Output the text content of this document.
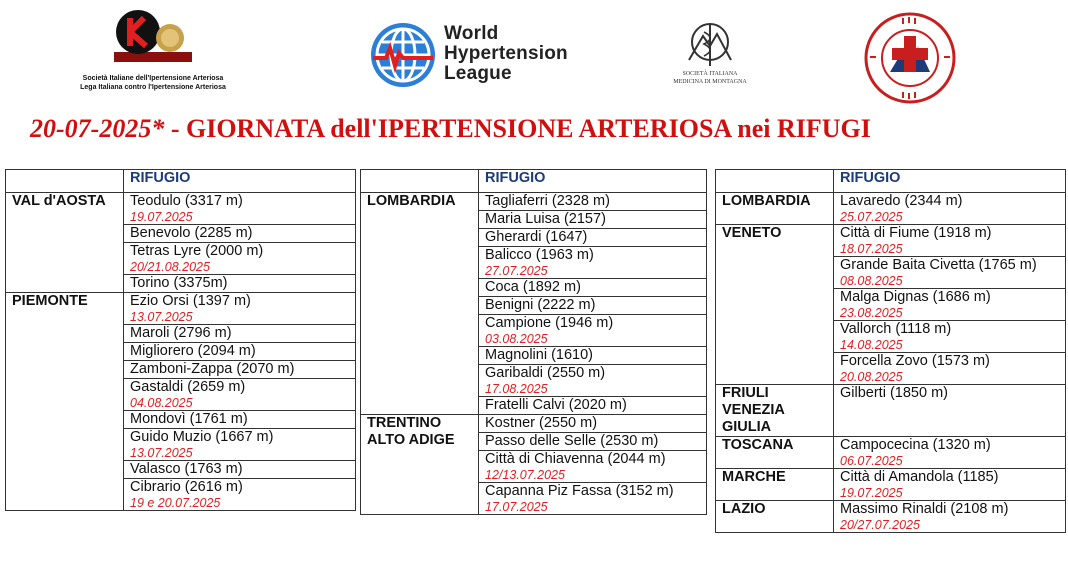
Società Italiane dell'Ipertensione Arteriosa
Lega Italiana contro l'Ipertensione Arteriosa
World
Hypertension
League	SOCIETÀ ITALIANA
MEDICINA DI MONTAGNA
20-07-2025* - GIORNATA dell'IPERTENSIONE ARTERIOSA nei RIFUGI
	RIFUGIO
VAL d'AOSTA	Teodulo (3317 m)
19.07.2025

	Benevolo (2285 m)

	Tetras Lyre (2000 m)
20/21.08.2025

	Torino (3375m)

PIEMONTE	Ezio Orsi (1397 m)
13.07.2025

	Maroli (2796 m)

	Migliorero (2094 m)

	Zamboni-Zappa (2070 m)

	Gastaldi (2659 m)
04.08.2025

	Mondovì (1761 m)

	Guido Muzio (1667 m)
13.07.2025

	Valasco (1763 m)

	Cibrario (2616 m)
19 e 20.07.2025
	RIFUGIO
LOMBARDIA	Tagliaferri (2328 m)

	Maria Luisa (2157)

	Gherardi (1647)

	Balicco (1963 m)
27.07.2025

	Coca (1892 m)

	Benigni (2222 m)

	Campione (1946 m)
03.08.2025

	Magnolini (1610)

	Garibaldi (2550 m)
17.08.2025

	Fratelli Calvi (2020 m)

TRENTINO ALTO ADIGE	Kostner (2550 m)

	Passo delle Selle (2530 m)

	Città di Chiavenna (2044 m)
12/13.07.2025

	Capanna Piz Fassa (3152 m)
17.07.2025
	RIFUGIO
LOMBARDIA	Lavaredo (2344 m)
25.07.2025

VENETO	Città di Fiume (1918 m)
18.07.2025

	Grande Baita Civetta (1765 m)
08.08.2025

	Malga Dignas (1686 m)
23.08.2025

	Vallorch (1118 m)
14.08.2025

	Forcella Zovo (1573 m)
20.08.2025

FRIULI VENEZIA GIULIA	Gilberti (1850 m)

TOSCANA	Campocecina (1320 m)
06.07.2025

MARCHE	Città di Amandola (1185)
19.07.2025

LAZIO	Massimo Rinaldi (2108 m)
20/27.07.2025
